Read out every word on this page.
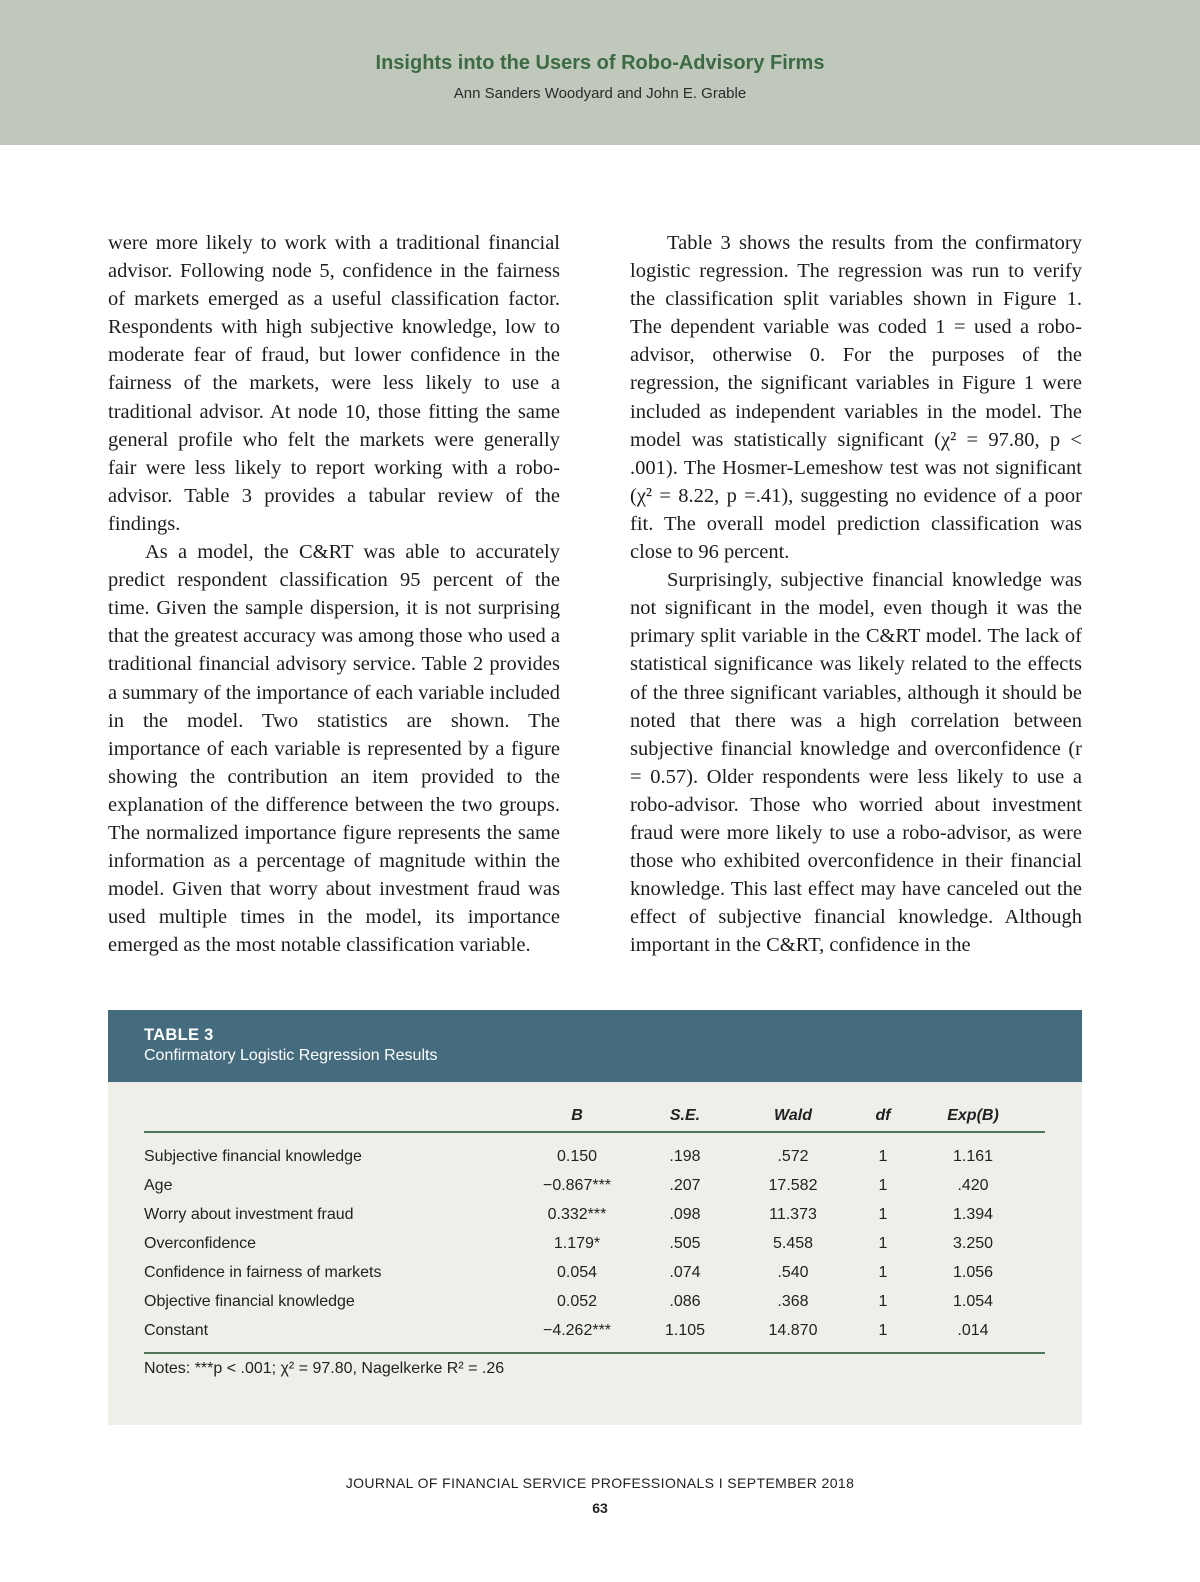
Insights into the Users of Robo-Advisory Firms
Ann Sanders Woodyard and John E. Grable

were more likely to work with a traditional financial advisor. Following node 5, confidence in the fairness of markets emerged as a useful classification factor. Respondents with high subjective knowledge, low to moderate fear of fraud, but lower confidence in the fairness of the markets, were less likely to use a traditional advisor. At node 10, those fitting the same general profile who felt the markets were generally fair were less likely to report working with a robo-advisor. Table 3 provides a tabular review of the findings.

As a model, the C&RT was able to accurately predict respondent classification 95 percent of the time. Given the sample dispersion, it is not surprising that the greatest accuracy was among those who used a traditional financial advisory service. Table 2 provides a summary of the importance of each variable included in the model. Two statistics are shown. The importance of each variable is represented by a figure showing the contribution an item provided to the explanation of the difference between the two groups. The normalized importance figure represents the same information as a percentage of magnitude within the model. Given that worry about investment fraud was used multiple times in the model, its importance emerged as the most notable classification variable.

Table 3 shows the results from the confirmatory logistic regression. The regression was run to verify the classification split variables shown in Figure 1. The dependent variable was coded 1 = used a robo-advisor, otherwise 0. For the purposes of the regression, the significant variables in Figure 1 were included as independent variables in the model. The model was statistically significant (χ² = 97.80, p < .001). The Hosmer-Lemeshow test was not significant (χ² = 8.22, p =.41), suggesting no evidence of a poor fit. The overall model prediction classification was close to 96 percent.

Surprisingly, subjective financial knowledge was not significant in the model, even though it was the primary split variable in the C&RT model. The lack of statistical significance was likely related to the effects of the three significant variables, although it should be noted that there was a high correlation between subjective financial knowledge and overconfidence (r = 0.57). Older respondents were less likely to use a robo-advisor. Those who worried about investment fraud were more likely to use a robo-advisor, as were those who exhibited overconfidence in their financial knowledge. This last effect may have canceled out the effect of subjective financial knowledge. Although important in the C&RT, confidence in the

TABLE 3
Confirmatory Logistic Regression Results
B	S.E.	Wald	df	Exp(B)
Subjective financial knowledge	0.150	.198	.572	1	1.161
Age	−0.867***	.207	17.582	1	.420
Worry about investment fraud	0.332***	.098	11.373	1	1.394
Overconfidence	1.179*	.505	5.458	1	3.250
Confidence in fairness of markets	0.054	.074	.540	1	1.056
Objective financial knowledge	0.052	.086	.368	1	1.054
Constant	−4.262***	1.105	14.870	1	.014
Notes: ***p < .001; χ² = 97.80, Nagelkerke R² = .26
JOURNAL OF FINANCIAL SERVICE PROFESSIONALS I SEPTEMBER 2018
63
